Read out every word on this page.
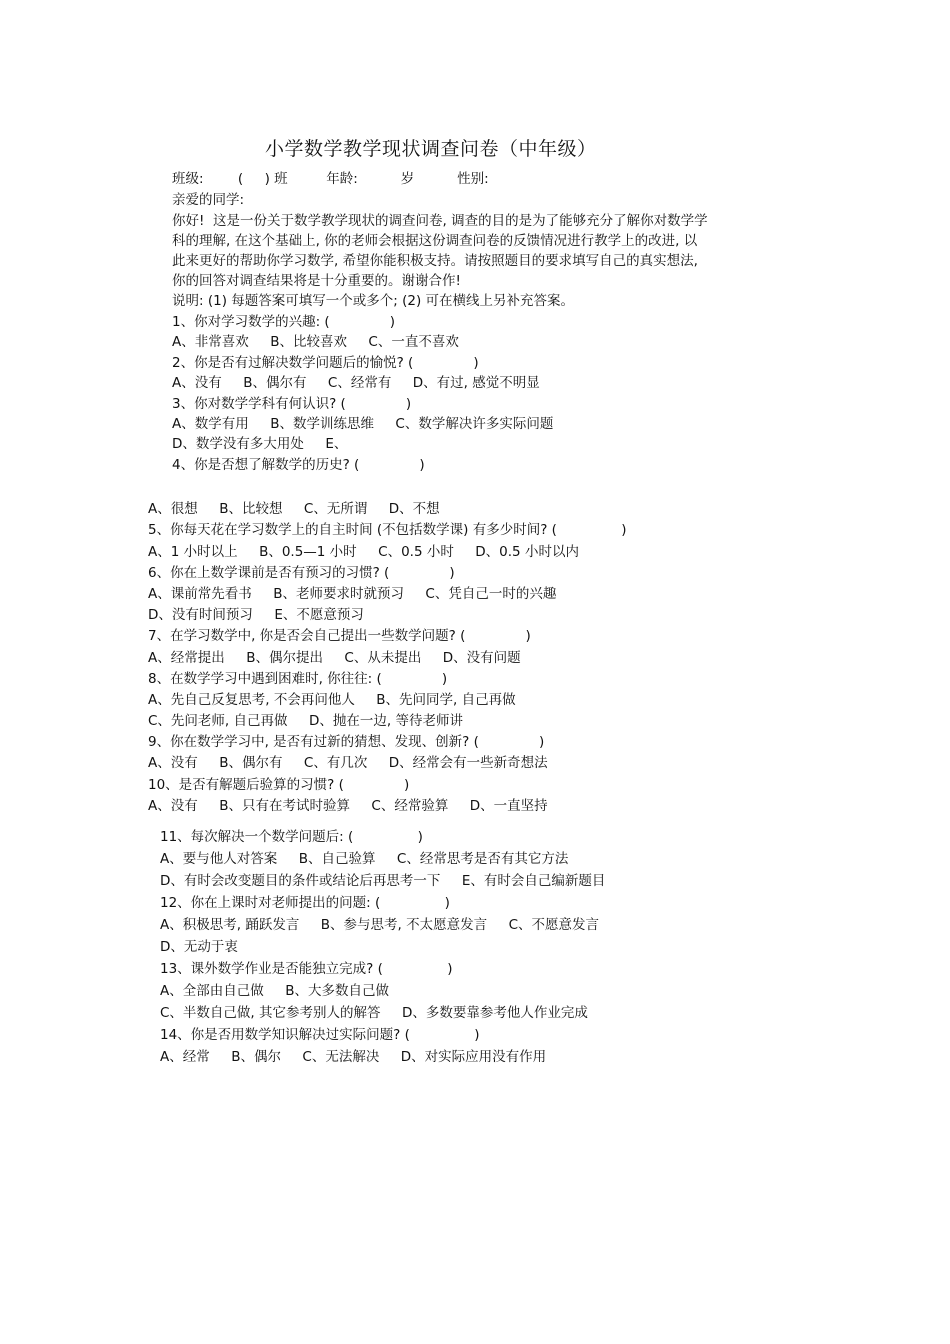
小学数学教学现状调查问卷（中年级）
班级:        (     ) 班         年龄:          岁          性别:
亲爱的同学:
你好!  这是一份关于数学教学现状的调查问卷, 调查的目的是为了能够充分了解你对数学学
科的理解, 在这个基础上, 你的老师会根据这份调查问卷的反馈情况进行教学上的改进, 以
此来更好的帮助你学习数学, 希望你能积极支持。请按照题目的要求填写自己的真实想法,
你的回答对调查结果将是十分重要的。谢谢合作!
说明: (1) 每题答案可填写一个或多个; (2) 可在横线上另补充答案。
1、你对学习数学的兴趣: (              )
A、非常喜欢     B、比较喜欢     C、一直不喜欢
2、你是否有过解决数学问题后的愉悦? (              )
A、没有     B、偶尔有     C、经常有     D、有过, 感觉不明显
3、你对数学学科有何认识? (              )
A、数学有用     B、数学训练思维     C、数学解决许多实际问题
D、数学没有多大用处     E、
4、你是否想了解数学的历史? (              )
A、很想     B、比较想     C、无所谓     D、不想
5、你每天花在学习数学上的自主时间 (不包括数学课) 有多少时间? (               )
A、1 小时以上     B、0.5—1 小时     C、0.5 小时     D、0.5 小时以内
6、你在上数学课前是否有预习的习惯? (              )
A、课前常先看书     B、老师要求时就预习     C、凭自己一时的兴趣
D、没有时间预习     E、不愿意预习
7、在学习数学中, 你是否会自己提出一些数学问题? (              )
A、经常提出     B、偶尔提出     C、从未提出     D、没有问题
8、在数学学习中遇到困难时, 你往往: (              )
A、先自己反复思考, 不会再问他人     B、先问同学, 自己再做
C、先问老师, 自己再做     D、抛在一边, 等待老师讲
9、你在数学学习中, 是否有过新的猜想、发现、创新? (              )
A、没有     B、偶尔有     C、有几次     D、经常会有一些新奇想法
10、是否有解题后验算的习惯? (              )
A、没有     B、只有在考试时验算     C、经常验算     D、一直坚持
11、每次解决一个数学问题后: (               )
A、要与他人对答案     B、自己验算     C、经常思考是否有其它方法
D、有时会改变题目的条件或结论后再思考一下     E、有时会自己编新题目
12、你在上课时对老师提出的问题: (               )
A、积极思考, 踊跃发言     B、参与思考, 不太愿意发言     C、不愿意发言
D、无动于衷
13、课外数学作业是否能独立完成? (               )
A、全部由自己做     B、大多数自己做
C、半数自己做, 其它参考别人的解答     D、多数要靠参考他人作业完成
14、你是否用数学知识解决过实际问题? (               )
A、经常     B、偶尔     C、无法解决     D、对实际应用没有作用
